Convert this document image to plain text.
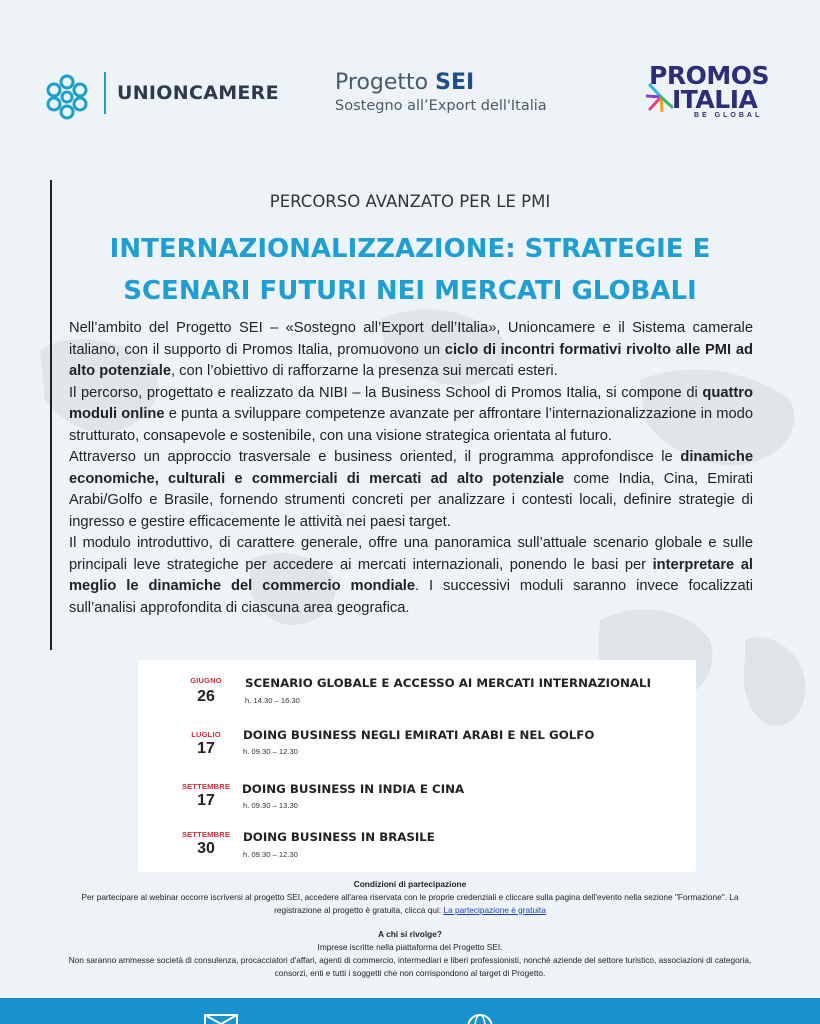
UNIONCAMERE	Progetto SEI
Sostegno all’Export dell'Italia
PROMOS
ITALIA
BE GLOBAL
PERCORSO AVANZATO PER LE PMI
INTERNAZIONALIZZAZIONE: STRATEGIE E SCENARI FUTURI NEI MERCATI GLOBALI

Nell’ambito del Progetto SEI – «Sostegno all’Export dell’Italia», Unioncamere e il Sistema camerale italiano, con il supporto di Promos Italia, promuovono un ciclo di incontri formativi rivolto alle PMI ad alto potenziale, con l’obiettivo di rafforzarne la presenza sui mercati esteri.

Il percorso, progettato e realizzato da NIBI – la Business School di Promos Italia, si compone di quattro moduli online e punta a sviluppare competenze avanzate per affrontare l’internazionalizzazione in modo strutturato, consapevole e sostenibile, con una visione strategica orientata al futuro.

Attraverso un approccio trasversale e business oriented, il programma approfondisce le dinamiche economiche, culturali e commerciali di mercati ad alto potenziale come India, Cina, Emirati Arabi/Golfo e Brasile, fornendo strumenti concreti per analizzare i contesti locali, definire strategie di ingresso e gestire efficacemente le attività nei paesi target.

Il modulo introduttivo, di carattere generale, offre una panoramica sull’attuale scenario globale e sulle principali leve strategiche per accedere ai mercati internazionali, ponendo le basi per interpretare al meglio le dinamiche del commercio mondiale. I successivi moduli saranno invece focalizzati sull’analisi approfondita di ciascuna area geografica.

GIUGNO
26
SCENARIO GLOBALE E ACCESSO AI MERCATI INTERNAZIONALI
h. 14.30 – 16.30
LUGLIO
17
DOING BUSINESS NEGLI EMIRATI ARABI E NEL GOLFO
h. 09.30 – 12.30
SETTEMBRE
17
DOING BUSINESS IN INDIA E CINA
h. 09.30 – 13.30
SETTEMBRE
30
DOING BUSINESS IN BRASILE
h. 09.30 – 12.30
Condizioni di partecipazione
Per partecipare al webinar occorre iscriversi al progetto SEI, accedere all'area riservata con le proprie credenziali e cliccare sulla pagina dell'evento nella sezione "Formazione". La registrazione al progetto è gratuita, clicca qui: La partecipazione è gratuita
A chi si rivolge?
Imprese iscritte nella piattaforma del Progetto SEI.
Non saranno ammesse società di consulenza, procacciatori d'affari, agenti di commercio, intermediari e liberi professionisti, nonché aziende del settore turistico, associazioni di categoria, consorzi, enti e tutti i soggetti che non corrispondono al target di Progetto.
